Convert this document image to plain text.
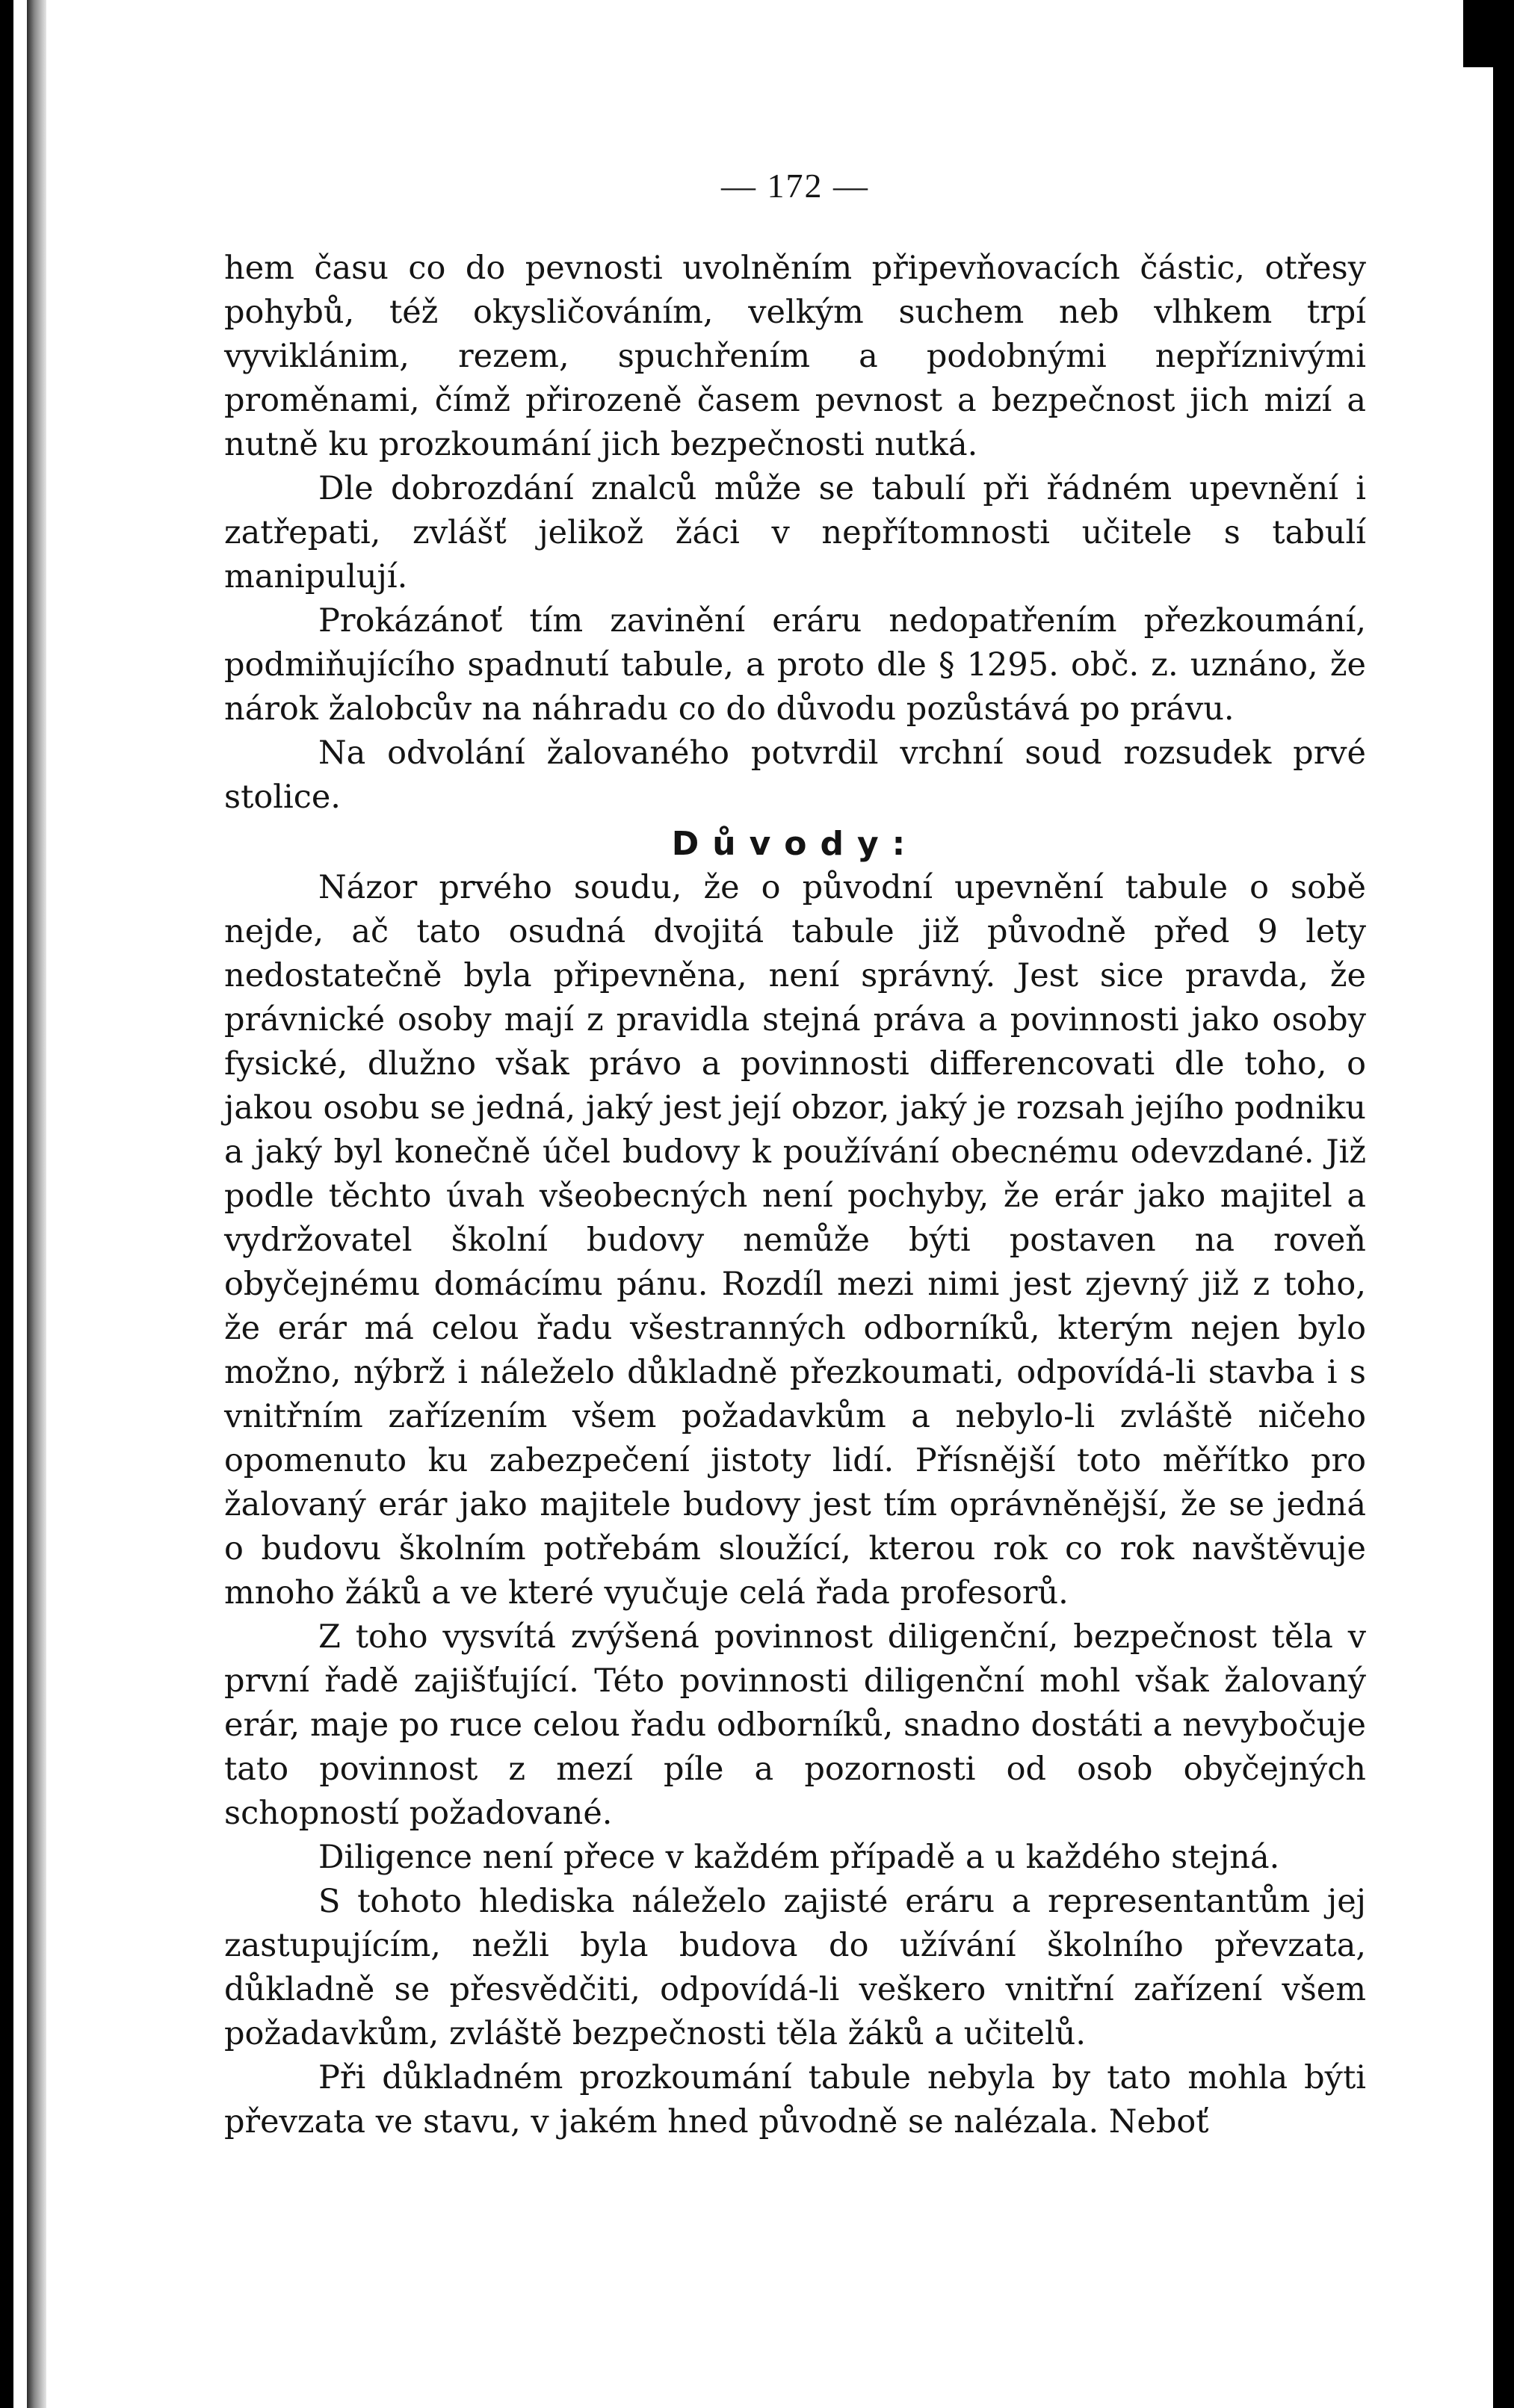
— 172 —

hem času co do pevnosti uvolněním připevňovacích částic, otřesy pohybů, též okysličováním, velkým suchem neb vlhkem trpí vyviklánim, rezem, spuchřením a podobnými nepříznivými proměnami, čímž přirozeně časem pevnost a bezpečnost jich mizí a nutně ku prozkoumání jich bezpečnosti nutká.

Dle dobrozdání znalců může se tabulí při řádném upevnění i zatřepati, zvlášť jelikož žáci v nepřítomnosti učitele s tabulí manipulují.

Prokázánoť tím zavinění eráru nedopatřením přezkoumání, podmiňujícího spadnutí tabule, a proto dle § 1295. obč. z. uznáno, že nárok žalobcův na náhradu co do důvodu pozůstává po právu.

Na odvolání žalovaného potvrdil vrchní soud rozsudek prvé stolice.

Důvody:

Názor prvého soudu, že o původní upevnění tabule o sobě nejde, ač tato osudná dvojitá tabule již původně před 9 lety nedostatečně byla připevněna, není správný. Jest sice pravda, že právnické osoby mají z pravidla stejná práva a povinnosti jako osoby fysické, dlužno však právo a povinnosti differencovati dle toho, o jakou osobu se jedná, jaký jest její obzor, jaký je rozsah jejího podniku a jaký byl konečně účel budovy k používání obecnému odevzdané. Již podle těchto úvah všeobecných není pochyby, že erár jako majitel a vydržovatel školní budovy nemůže býti postaven na roveň obyčejnému domácímu pánu. Rozdíl mezi nimi jest zjevný již z toho, že erár má celou řadu všestranných odborníků, kterým nejen bylo možno, nýbrž i náleželo důkladně přezkoumati, odpovídá-li stavba i s vnitřním zařízením všem požadavkům a nebylo-li zvláště ničeho opomenuto ku zabezpečení jistoty lidí. Přísnější toto měřítko pro žalovaný erár jako majitele budovy jest tím oprávněnější, že se jedná o budovu školním potřebám sloužící, kterou rok co rok navštěvuje mnoho žáků a ve které vyučuje celá řada profesorů.

Z toho vysvítá zvýšená povinnost diligenční, bezpečnost těla v první řadě zajišťující. Této povinnosti diligenční mohl však žalovaný erár, maje po ruce celou řadu odborníků, snadno dostáti a nevybočuje tato povinnost z mezí píle a pozornosti od osob obyčejných schopností požadované.

Diligence není přece v každém případě a u každého stejná.

S tohoto hlediska náleželo zajisté eráru a representantům jej zastupujícím, nežli byla budova do užívání školního převzata, důkladně se přesvědčiti, odpovídá-li veškero vnitřní zařízení všem požadavkům, zvláště bezpečnosti těla žáků a učitelů.

Při důkladném prozkoumání tabule nebyla by tato mohla býti převzata ve stavu, v jakém hned původně se nalézala. Neboť
